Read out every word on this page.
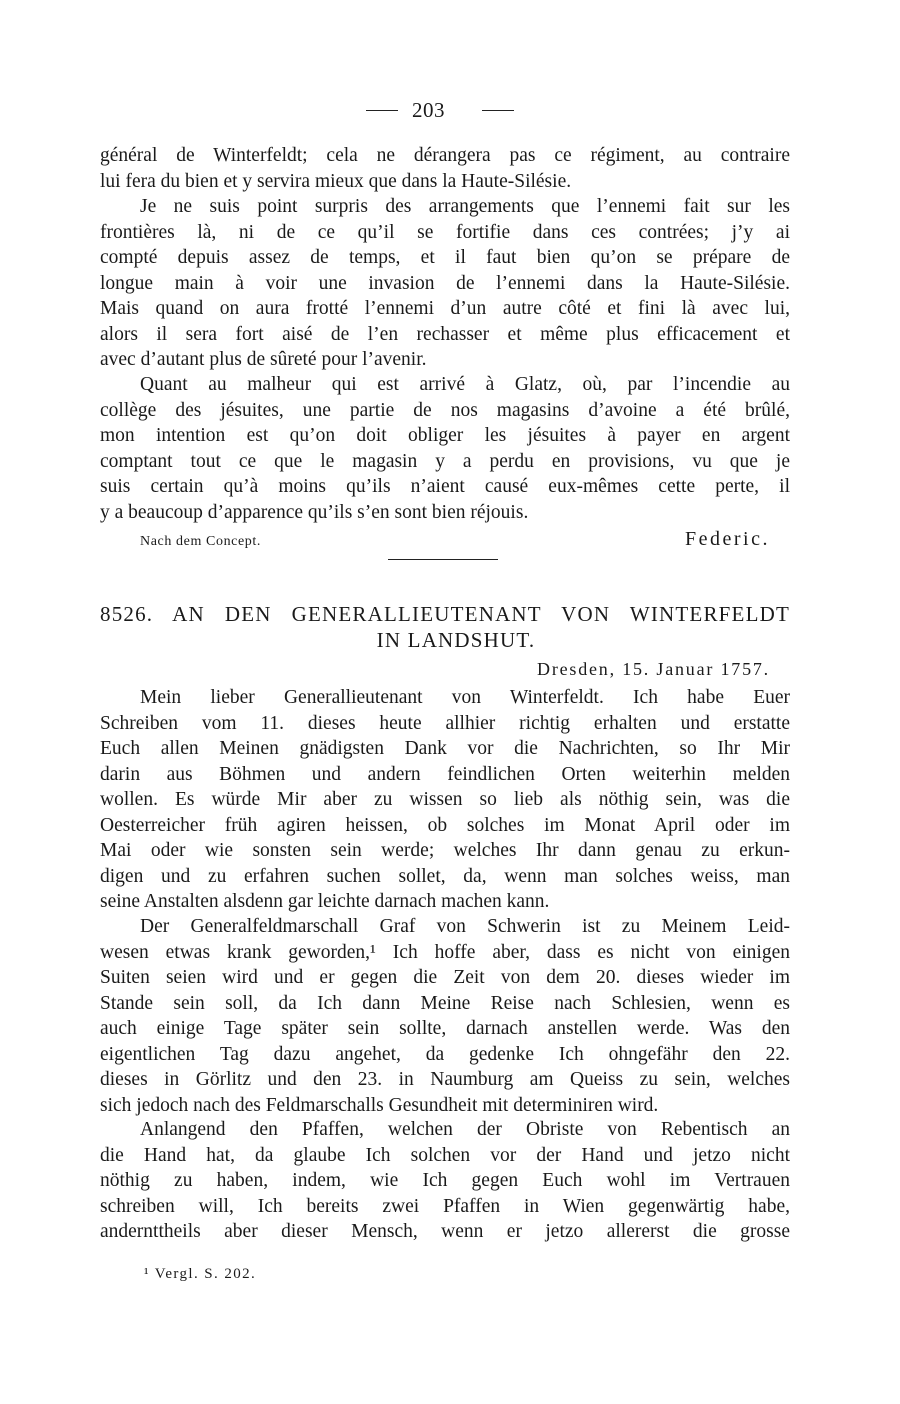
203
général de Winterfeldt; cela ne dérangera pas ce régiment, au contraire
lui fera du bien et y servira mieux que dans la Haute-Silésie.
Je ne suis point surpris des arrangements que l’ennemi fait sur les
frontières là, ni de ce qu’il se fortifie dans ces contrées; j’y ai
compté depuis assez de temps, et il faut bien qu’on se prépare de
longue main à voir une invasion de l’ennemi dans la Haute-Silésie.
Mais quand on aura frotté l’ennemi d’un autre côté et fini là avec lui,
alors il sera fort aisé de l’en rechasser et même plus efficacement et
avec d’autant plus de sûreté pour l’avenir.
Quant au malheur qui est arrivé à Glatz, où, par l’incendie au
collège des jésuites, une partie de nos magasins d’avoine a été brûlé,
mon intention est qu’on doit obliger les jésuites à payer en argent
comptant tout ce que le magasin y a perdu en provisions, vu que je
suis certain qu’à moins qu’ils n’aient causé eux-mêmes cette perte, il
y a beaucoup d’apparence qu’ils s’en sont bien réjouis.
Nach dem Concept.	Federic.
8526. AN DEN GENERALLIEUTENANT VON WINTERFELDT
IN LANDSHUT.
Dresden, 15. Januar 1757.
Mein lieber Generallieutenant von Winterfeldt. Ich habe Euer
Schreiben vom 11. dieses heute allhier richtig erhalten und erstatte
Euch allen Meinen gnädigsten Dank vor die Nachrichten, so Ihr Mir
darin aus Böhmen und andern feindlichen Orten weiterhin melden
wollen. Es würde Mir aber zu wissen so lieb als nöthig sein, was die
Oesterreicher früh agiren heissen, ob solches im Monat April oder im
Mai oder wie sonsten sein werde; welches Ihr dann genau zu erkun-
digen und zu erfahren suchen sollet, da, wenn man solches weiss, man
seine Anstalten alsdenn gar leichte darnach machen kann.
Der Generalfeldmarschall Graf von Schwerin ist zu Meinem Leid-
wesen etwas krank geworden,¹ Ich hoffe aber, dass es nicht von einigen
Suiten seien wird und er gegen die Zeit von dem 20. dieses wieder im
Stande sein soll, da Ich dann Meine Reise nach Schlesien, wenn es
auch einige Tage später sein sollte, darnach anstellen werde. Was den
eigentlichen Tag dazu angehet, da gedenke Ich ohngefähr den 22.
dieses in Görlitz und den 23. in Naumburg am Queiss zu sein, welches
sich jedoch nach des Feldmarschalls Gesundheit mit determiniren wird.
Anlangend den Pfaffen, welchen der Obriste von Rebentisch an
die Hand hat, da glaube Ich solchen vor der Hand und jetzo nicht
nöthig zu haben, indem, wie Ich gegen Euch wohl im Vertrauen
schreiben will, Ich bereits zwei Pfaffen in Wien gegenwärtig habe,
andernttheils aber dieser Mensch, wenn er jetzo allererst die grosse
¹ Vergl. S. 202.
